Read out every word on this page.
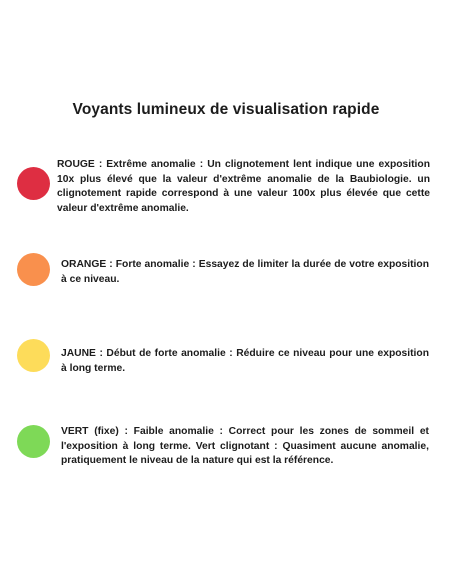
Voyants lumineux de visualisation rapide
ROUGE : Extrême anomalie : Un clignotement lent indique une exposition 10x plus élevé que la valeur d'extrême anomalie de la Baubiologie. un clignotement rapide correspond à une valeur 100x plus élevée que cette valeur d'extrême anomalie.
ORANGE : Forte anomalie : Essayez de limiter la durée de votre exposition à ce niveau.
JAUNE : Début de forte anomalie : Réduire ce niveau pour une exposition à long terme.
VERT (fixe) : Faible anomalie : Correct pour les zones de sommeil et l'exposition à long terme. Vert clignotant : Quasiment aucune anomalie, pratiquement le niveau de la nature qui est la référence.
